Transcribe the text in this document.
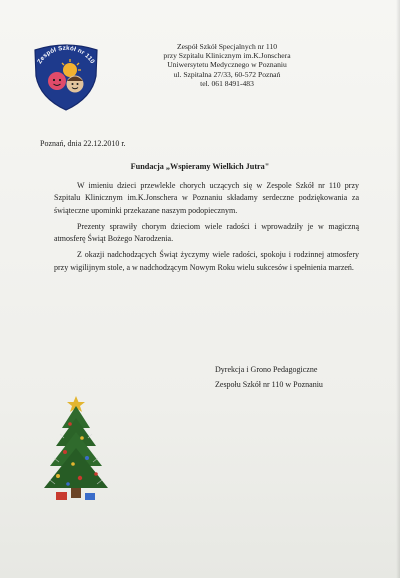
Zespół Szkół nr 110
Zespół Szkół Specjalnych nr 110
przy Szpitalu Klinicznym im.K.Jonschera
Uniwersytetu Medycznego w Poznaniu
ul. Szpitalna 27/33, 60-572 Poznań
tel. 061 8491-483
Poznań, dnia 22.12.2010 r.
Fundacja „Wspieramy Wielkich Jutra"

W imieniu dzieci przewlekle chorych uczących się w Zespole Szkół nr 110 przy Szpitalu Klinicznym im.K.Jonschera w Poznaniu składamy serdeczne podziękowania za świąteczne upominki przekazane naszym podopiecznym.

Prezenty sprawiły chorym dzieciom wiele radości i wprowadziły je w magiczną atmosferę Świąt Bożego Narodzenia.

Z okazji nadchodzących Świąt życzymy wiele radości, spokoju i rodzinnej atmosfery przy wigilijnym stole, a w nadchodzącym Nowym Roku wielu sukcesów i spełnienia marzeń.

Dyrekcja i Grono Pedagogiczne
Zespołu Szkół nr 110 w Poznaniu
